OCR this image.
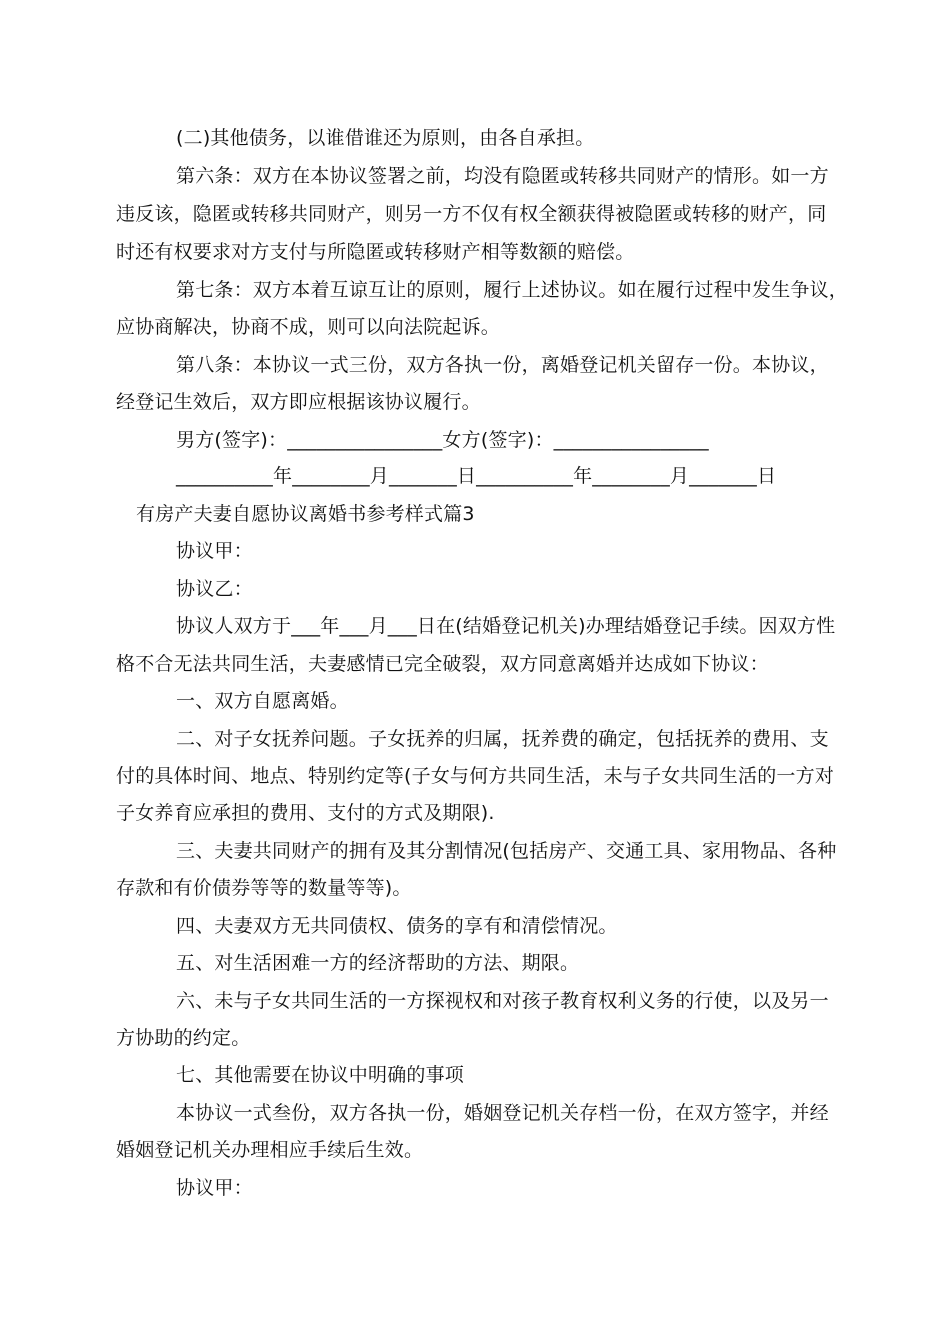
(二)其他债务，以谁借谁还为原则，由各自承担。
第六条：双方在本协议签署之前，均没有隐匿或转移共同财产的情形。如一方
违反该，隐匿或转移共同财产，则另一方不仅有权全额获得被隐匿或转移的财产，同
时还有权要求对方支付与所隐匿或转移财产相等数额的赔偿。
第七条：双方本着互谅互让的原则，履行上述协议。如在履行过程中发生争议，
应协商解决，协商不成，则可以向法院起诉。
第八条：本协议一式三份，双方各执一份，离婚登记机关留存一份。本协议，
经登记生效后，双方即应根据该协议履行。
男方(签字)：________________女方(签字)：________________
__________年________月_______日__________年________月_______日
有房产夫妻自愿协议离婚书参考样式篇3
协议甲：
协议乙：
协议人双方于___年___月___日在(结婚登记机关)办理结婚登记手续。因双方性
格不合无法共同生活，夫妻感情已完全破裂，双方同意离婚并达成如下协议：
一、双方自愿离婚。
二、对子女抚养问题。子女抚养的归属，抚养费的确定，包括抚养的费用、支
付的具体时间、地点、特别约定等(子女与何方共同生活，未与子女共同生活的一方对
子女养育应承担的费用、支付的方式及期限).
三、夫妻共同财产的拥有及其分割情况(包括房产、交通工具、家用物品、各种
存款和有价债券等等的数量等等)。
四、夫妻双方无共同债权、债务的享有和清偿情况。
五、对生活困难一方的经济帮助的方法、期限。
六、未与子女共同生活的一方探视权和对孩子教育权利义务的行使，以及另一
方协助的约定。
七、其他需要在协议中明确的事项
本协议一式叁份，双方各执一份，婚姻登记机关存档一份，在双方签字，并经
婚姻登记机关办理相应手续后生效。
协议甲：
